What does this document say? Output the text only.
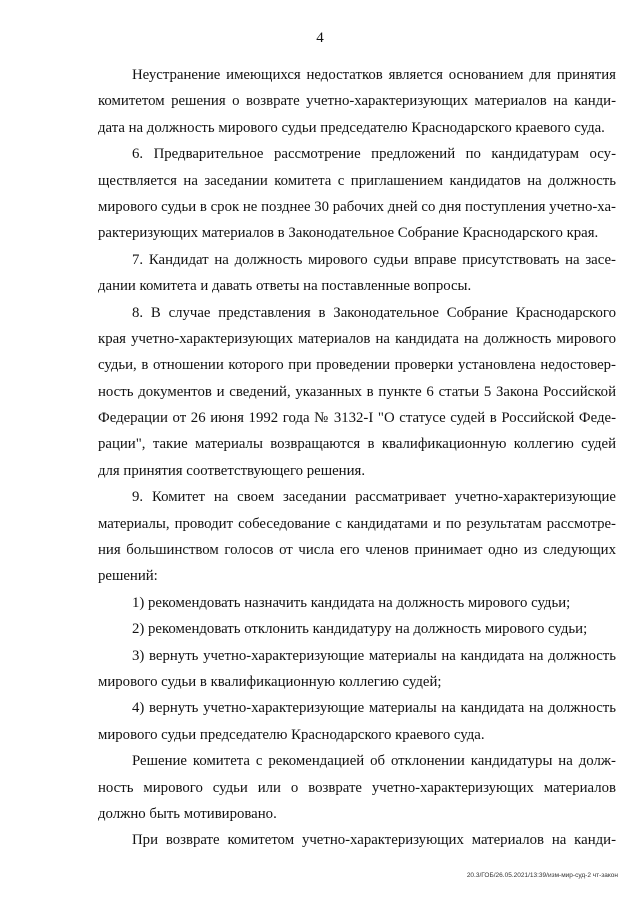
4
Неустранение имеющихся недостатков является основанием для принятия
комитетом решения о возврате учетно-характеризующих материалов на канди-
дата на должность мирового судьи председателю Краснодарского краевого суда.
6. Предварительное рассмотрение предложений по кандидатурам осу-
ществляется на заседании комитета с приглашением кандидатов на должность
мирового судьи в срок не позднее 30 рабочих дней со дня поступления учетно-ха-
рактеризующих материалов в Законодательное Собрание Краснодарского края.
7. Кандидат на должность мирового судьи вправе присутствовать на засе-
дании комитета и давать ответы на поставленные вопросы.
8. В случае представления в Законодательное Собрание Краснодарского
края учетно-характеризующих материалов на кандидата на должность мирового
судьи, в отношении которого при проведении проверки установлена недостовер-
ность документов и сведений, указанных в пункте 6 статьи 5 Закона Российской
Федерации от 26 июня 1992 года № 3132-I "О статусе судей в Российской Феде-
рации", такие материалы возвращаются в квалификационную коллегию судей
для принятия соответствующего решения.
9. Комитет на своем заседании рассматривает учетно-характеризующие
материалы, проводит собеседование с кандидатами и по результатам рассмотре-
ния большинством голосов от числа его членов принимает одно из следующих
решений:
1) рекомендовать назначить кандидата на должность мирового судьи;
2) рекомендовать отклонить кандидатуру на должность мирового судьи;
3) вернуть учетно-характеризующие материалы на кандидата на должность
мирового судьи в квалификационную коллегию судей;
4) вернуть учетно-характеризующие материалы на кандидата на должность
мирового судьи председателю Краснодарского краевого суда.
Решение комитета с рекомендацией об отклонении кандидатуры на долж-
ность мирового судьи или о возврате учетно-характеризующих материалов
должно быть мотивировано.
При возврате комитетом учетно-характеризующих материалов на канди-
20.3/ГОБ/26.05.2021/13:39/изм-мир-суд-2 чт-закон
